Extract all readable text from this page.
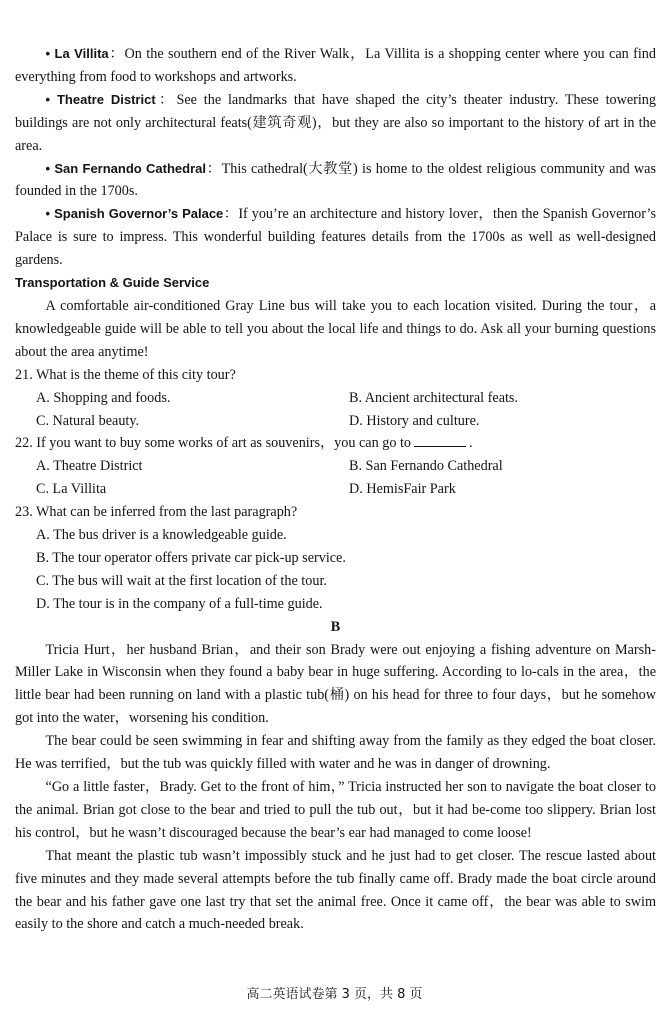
• La Villita：On the southern end of the River Walk，La Villita is a shopping center where you can find everything from food to workshops and artworks.

• Theatre District：See the landmarks that have shaped the city’s theater industry. These towering buildings are not only architectural feats(建筑奇观)，but they are also so important to the history of art in the area.

• San Fernando Cathedral：This cathedral(大教堂) is home to the oldest religious community and was founded in the 1700s.

• Spanish Governor’s Palace：If you’re an architecture and history lover，then the Spanish Governor’s Palace is sure to impress. This wonderful building features details from the 1700s as well as well-designed gardens.

Transportation & Guide Service

A comfortable air-conditioned Gray Line bus will take you to each location visited. During the tour，a knowledgeable guide will be able to tell you about the local life and things to do. Ask all your burning questions about the area anytime!

21. What is the theme of this city tour?

A. Shopping and foods.	B. Ancient architectural feats.
C. Natural beauty.	D. History and culture.

22. If you want to buy some works of art as souvenirs，you can go to	.

A. Theatre District	B. San Fernando Cathedral
C. La Villita	D. HemisFair Park

23. What can be inferred from the last paragraph?

A. The bus driver is a knowledgeable guide.

B. The tour operator offers private car pick-up service.

C. The bus will wait at the first location of the tour.

D. The tour is in the company of a full-time guide.

B

Tricia Hurt，her husband Brian，and their son Brady were out enjoying a fishing adventure on Marsh-Miller Lake in Wisconsin when they found a baby bear in huge suffering. According to lo-cals in the area，the little bear had been running on land with a plastic tub(桶) on his head for three to four days，but he somehow got into the water，worsening his condition.

The bear could be seen swimming in fear and shifting away from the family as they edged the boat closer. He was terrified，but the tub was quickly filled with water and he was in danger of drowning.

“Go a little faster，Brady. Get to the front of him，” Tricia instructed her son to navigate the boat closer to the animal. Brian got close to the bear and tried to pull the tub out，but it had be-come too slippery. Brian lost his control，but he wasn’t discouraged because the bear’s ear had managed to come loose!

That meant the plastic tub wasn’t impossibly stuck and he just had to get closer. The rescue lasted about five minutes and they made several attempts before the tub finally came off. Brady made the boat circle around the bear and his father gave one last try that set the animal free. Once it came off，the bear was able to swim easily to the shore and catch a much-needed break.

高二英语试卷第 3 页，共 8 页
